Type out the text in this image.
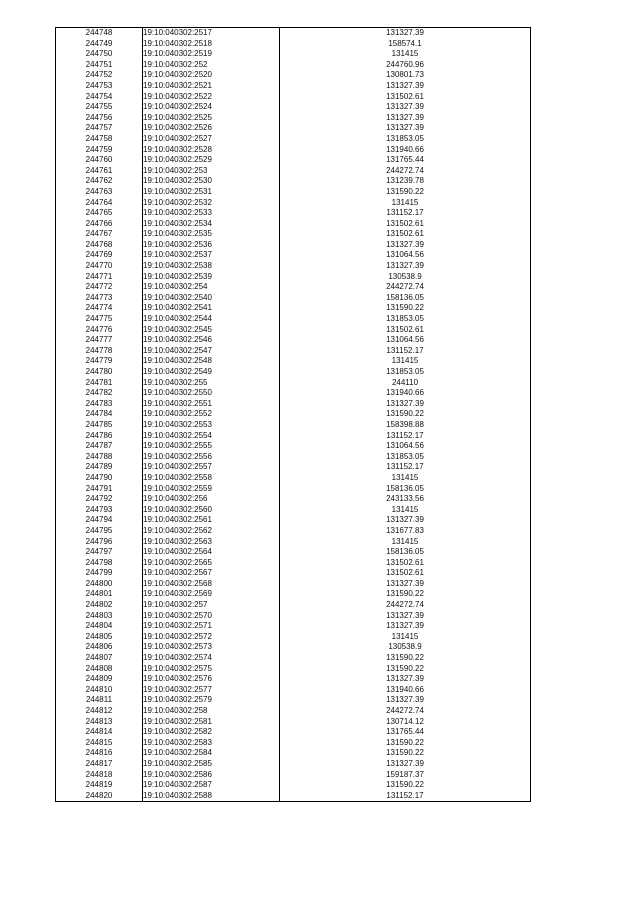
244748	19:10:040302:2517	131327.39
244749	19:10:040302:2518	158574.1
244750	19:10:040302:2519	131415
244751	19:10:040302:252	244760.96
244752	19:10:040302:2520	130801.73
244753	19:10:040302:2521	131327.39
244754	19:10:040302:2522	131502.61
244755	19:10:040302:2524	131327.39
244756	19:10:040302:2525	131327.39
244757	19:10:040302:2526	131327.39
244758	19:10:040302:2527	131853.05
244759	19:10:040302:2528	131940.66
244760	19:10:040302:2529	131765.44
244761	19:10:040302:253	244272.74
244762	19:10:040302:2530	131239.78
244763	19:10:040302:2531	131590.22
244764	19:10:040302:2532	131415
244765	19:10:040302:2533	131152.17
244766	19:10:040302:2534	131502.61
244767	19:10:040302:2535	131502.61
244768	19:10:040302:2536	131327.39
244769	19:10:040302:2537	131064.56
244770	19:10:040302:2538	131327.39
244771	19:10:040302:2539	130538.9
244772	19:10:040302:254	244272.74
244773	19:10:040302:2540	158136.05
244774	19:10:040302:2541	131590.22
244775	19:10:040302:2544	131853.05
244776	19:10:040302:2545	131502.61
244777	19:10:040302:2546	131064.56
244778	19:10:040302:2547	131152.17
244779	19:10:040302:2548	131415
244780	19:10:040302:2549	131853.05
244781	19:10:040302:255	244110
244782	19:10:040302:2550	131940.66
244783	19:10:040302:2551	131327.39
244784	19:10:040302:2552	131590.22
244785	19:10:040302:2553	158398.88
244786	19:10:040302:2554	131152.17
244787	19:10:040302:2555	131064.56
244788	19:10:040302:2556	131853.05
244789	19:10:040302:2557	131152.17
244790	19:10:040302:2558	131415
244791	19:10:040302:2559	158136.05
244792	19:10:040302:256	243133.56
244793	19:10:040302:2560	131415
244794	19:10:040302:2561	131327.39
244795	19:10:040302:2562	131677.83
244796	19:10:040302:2563	131415
244797	19:10:040302:2564	158136.05
244798	19:10:040302:2565	131502.61
244799	19:10:040302:2567	131502.61
244800	19:10:040302:2568	131327.39
244801	19:10:040302:2569	131590.22
244802	19:10:040302:257	244272.74
244803	19:10:040302:2570	131327.39
244804	19:10:040302:2571	131327.39
244805	19:10:040302:2572	131415
244806	19:10:040302:2573	130538.9
244807	19:10:040302:2574	131590.22
244808	19:10:040302:2575	131590.22
244809	19:10:040302:2576	131327.39
244810	19:10:040302:2577	131940.66
244811	19:10:040302:2579	131327.39
244812	19:10:040302:258	244272.74
244813	19:10:040302:2581	130714.12
244814	19:10:040302:2582	131765.44
244815	19:10:040302:2583	131590.22
244816	19:10:040302:2584	131590.22
244817	19:10:040302:2585	131327.39
244818	19:10:040302:2586	159187.37
244819	19:10:040302:2587	131590.22
244820	19:10:040302:2588	131152.17
